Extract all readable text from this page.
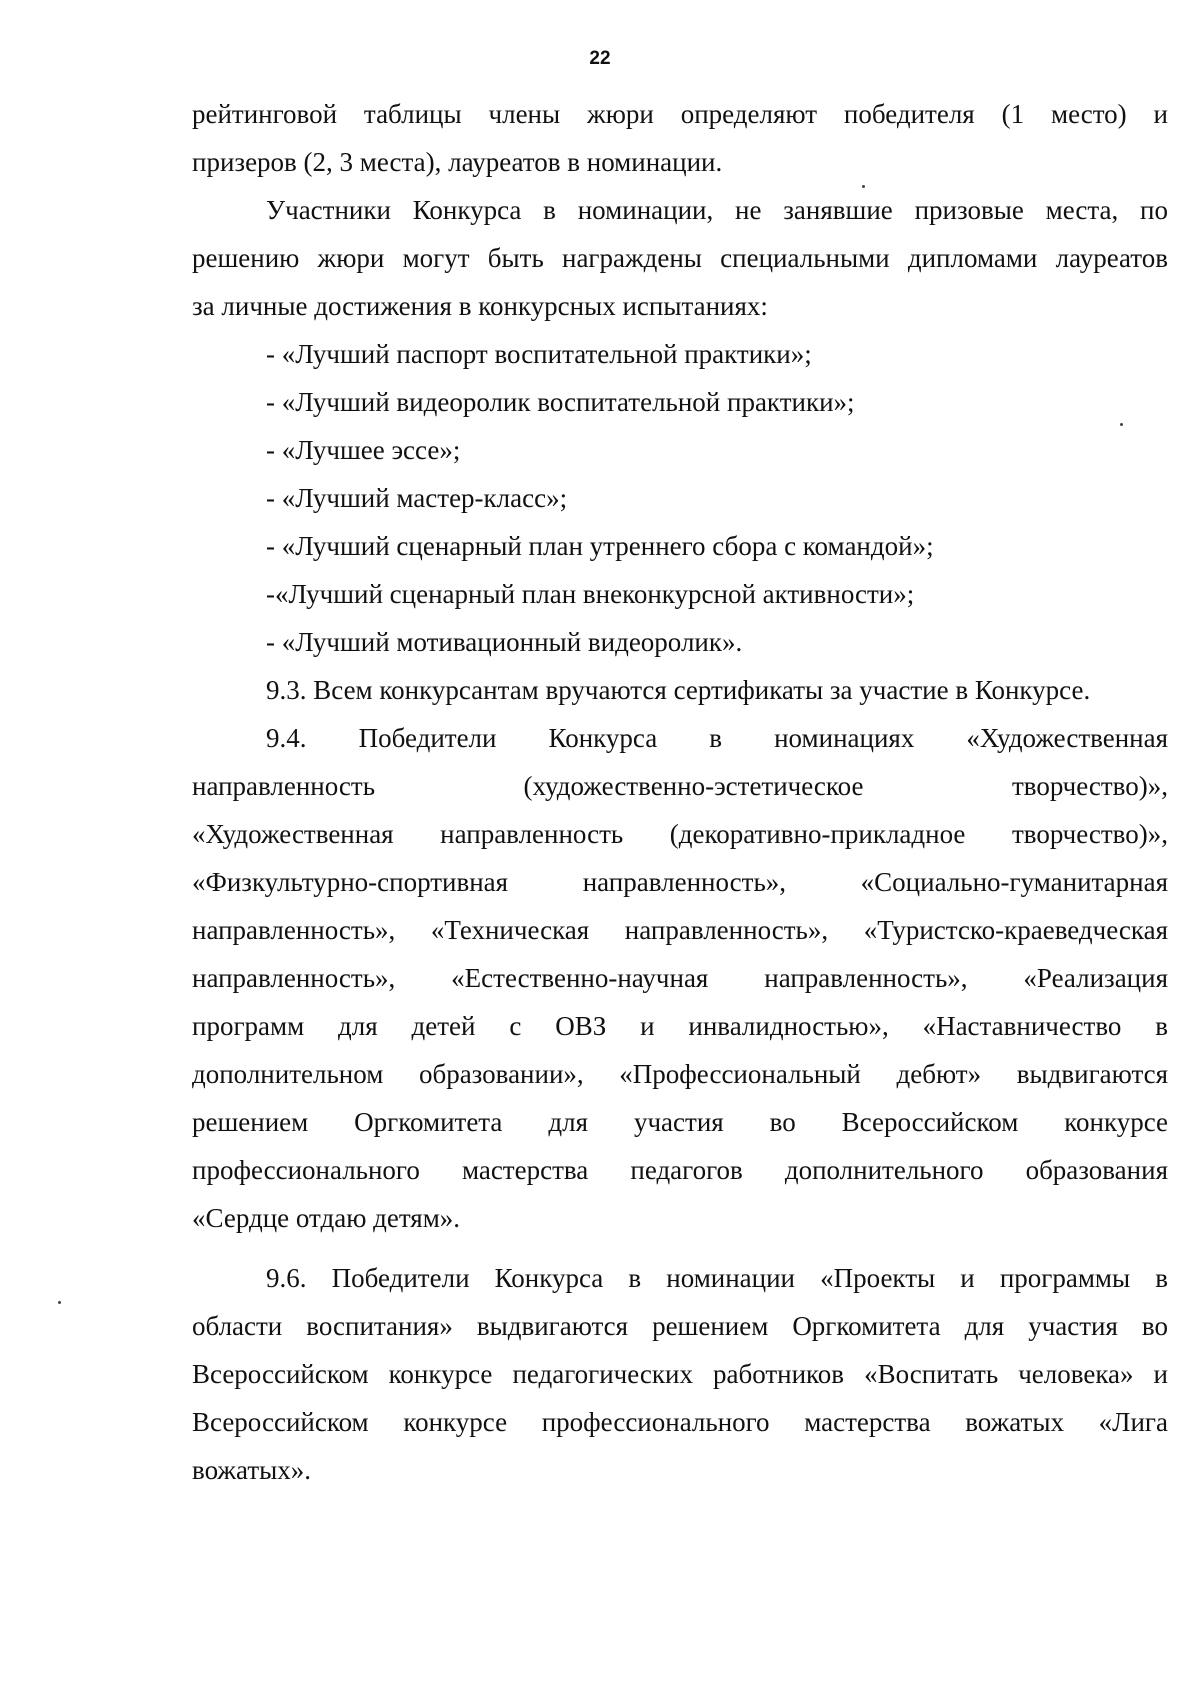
22
рейтинговой таблицы члены жюри определяют победителя (1 место) и
призеров (2, 3 места), лауреатов в номинации.
Участники Конкурса в номинации, не занявшие призовые места, по
решению жюри могут быть награждены специальными дипломами лауреатов
за личные достижения в конкурсных испытаниях:
- «Лучший паспорт воспитательной практики»;
- «Лучший видеоролик воспитательной практики»;
- «Лучшее эссе»;
- «Лучший мастер-класс»;
- «Лучший сценарный план утреннего сбора с командой»;
-«Лучший сценарный план внеконкурсной активности»;
- «Лучший мотивационный видеоролик».
9.3. Всем конкурсантам вручаются сертификаты за участие в Конкурсе.
9.4. Победители Конкурса в номинациях «Художественная
направленность (художественно-эстетическое творчество)»,
«Художественная направленность (декоративно-прикладное творчество)»,
«Физкультурно-спортивная направленность», «Социально-гуманитарная
направленность», «Техническая направленность», «Туристско-краеведческая
направленность», «Естественно-научная направленность», «Реализация
программ для детей с ОВЗ и инвалидностью», «Наставничество в
дополнительном образовании», «Профессиональный дебют» выдвигаются
решением Оргкомитета для участия во Всероссийском конкурсе
профессионального мастерства педагогов дополнительного образования
«Сердце отдаю детям».
9.6. Победители Конкурса в номинации «Проекты и программы в
области воспитания» выдвигаются решением Оргкомитета для участия во
Всероссийском конкурсе педагогических работников «Воспитать человека» и
Всероссийском конкурсе профессионального мастерства вожатых «Лига
вожатых».
